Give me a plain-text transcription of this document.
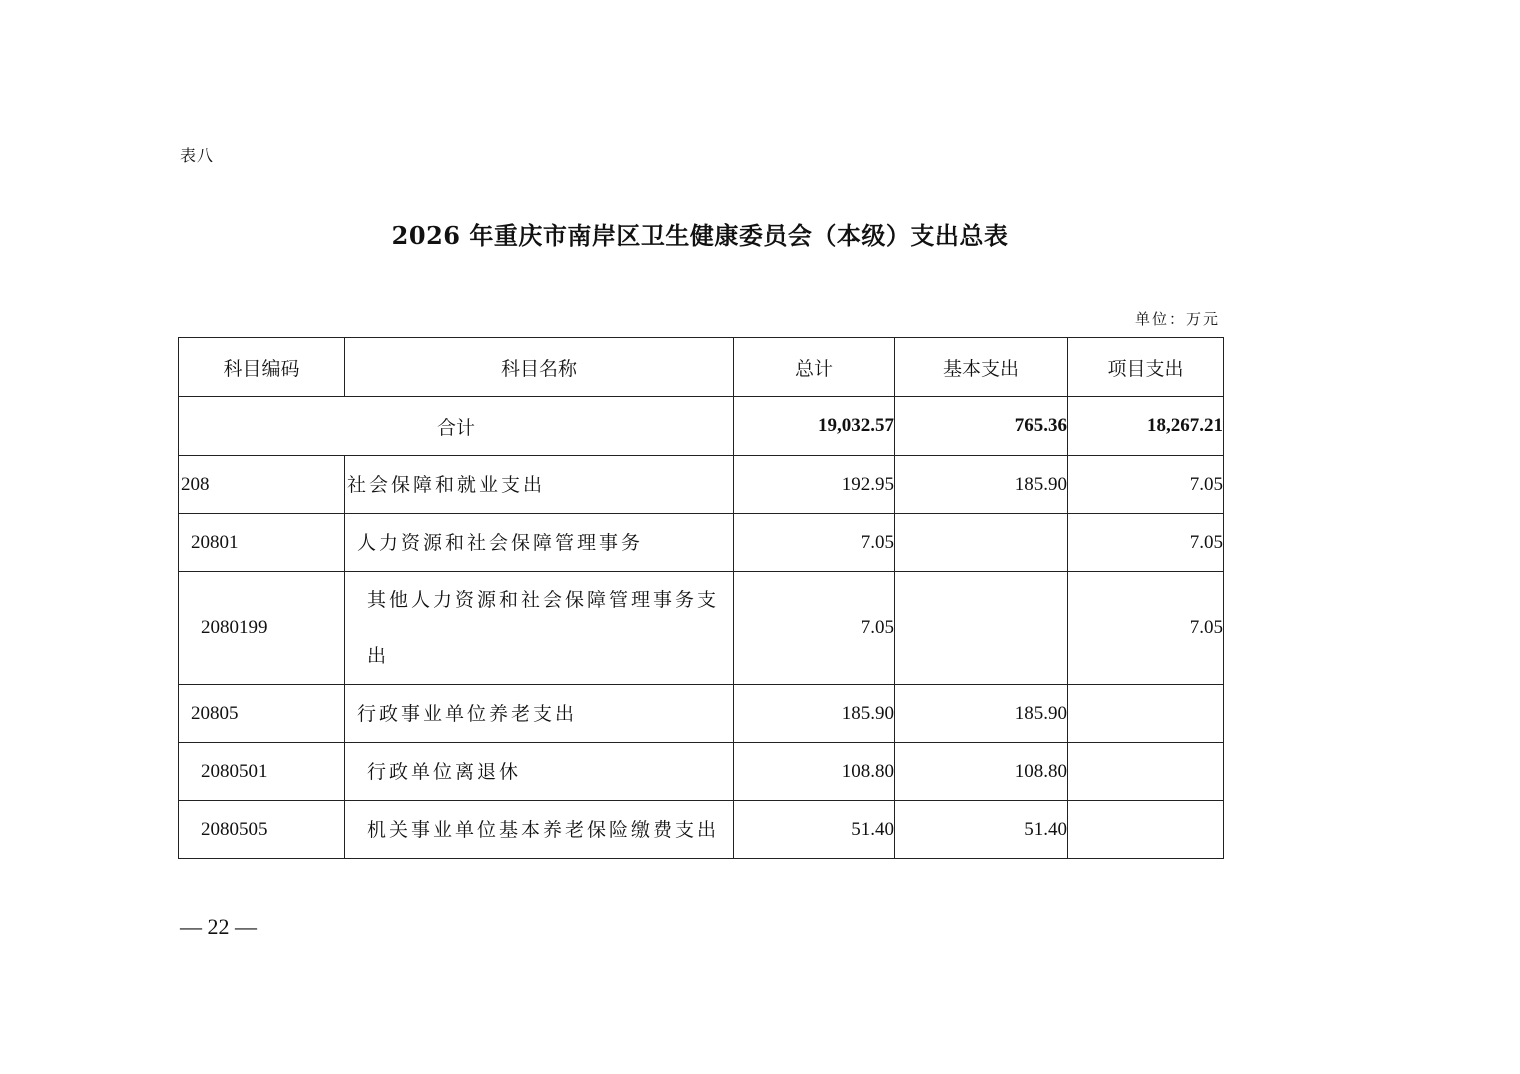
表八
2026 年重庆市南岸区卫生健康委员会（本级）支出总表
单位：万元
科目编码	科目名称	总计	基本支出	项目支出
合计		19,032.57	765.36	18,267.21
208	社会保障和就业支出	192.95	185.90	7.05
20801	人力资源和社会保障管理事务	7.05		7.05
2080199	其他人力资源和社会保障管理事务支出	7.05		7.05
20805	行政事业单位养老支出	185.90	185.90	
2080501	行政单位离退休	108.80	108.80	
2080505	机关事业单位基本养老保险缴费支出	51.40	51.40	
— 22 —
